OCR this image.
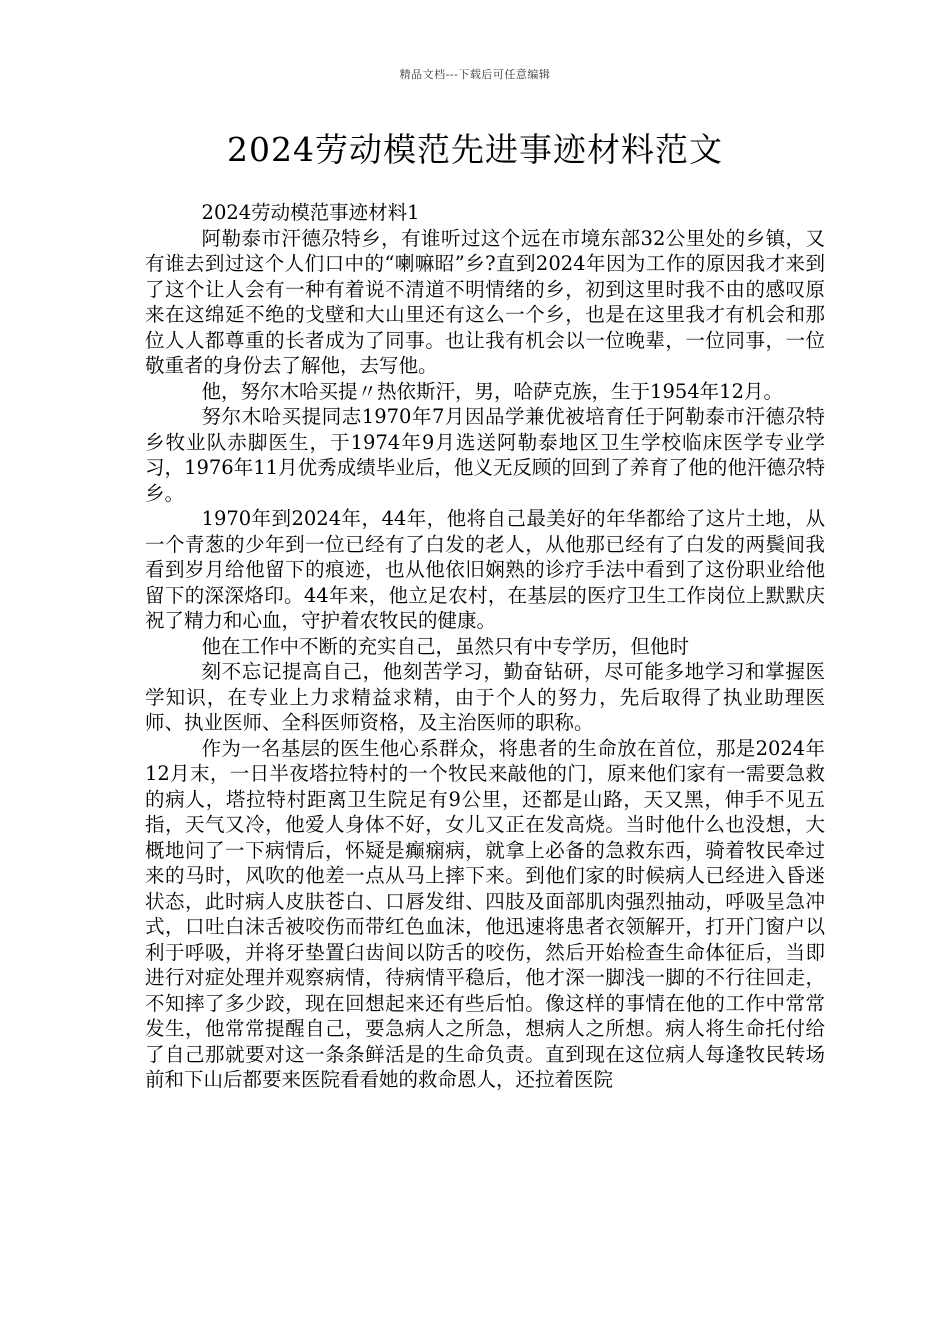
精品文档---下载后可任意编辑
2024劳动模范先进事迹材料范文

2024劳动模范事迹材料1

阿勒泰市汗德尕特乡，有谁听过这个远在市境东部32公里处的乡镇，又有谁去到过这个人们口中的“喇嘛昭”乡?直到2024年因为工作的原因我才来到了这个让人会有一种有着说不清道不明情绪的乡，初到这里时我不由的感叹原来在这绵延不绝的戈壁和大山里还有这么一个乡，也是在这里我才有机会和那位人人都尊重的长者成为了同事。也让我有机会以一位晚辈，一位同事，一位敬重者的身份去了解他，去写他。

他，努尔木哈买提〃热依斯汗，男，哈萨克族，生于1954年12月。

努尔木哈买提同志1970年7月因品学兼优被培育任于阿勒泰市汗德尕特乡牧业队赤脚医生，于1974年9月选送阿勒泰地区卫生学校临床医学专业学习，1976年11月优秀成绩毕业后，他义无反顾的回到了养育了他的他汗德尕特乡。

1970年到2024年，44年，他将自己最美好的年华都给了这片土地，从一个青葱的少年到一位已经有了白发的老人，从他那已经有了白发的两鬓间我看到岁月给他留下的痕迹，也从他依旧娴熟的诊疗手法中看到了这份职业给他留下的深深烙印。44年来，他立足农村，在基层的医疗卫生工作岗位上默默庆祝了精力和心血，守护着农牧民的健康。

他在工作中不断的充实自己，虽然只有中专学历，但他时

刻不忘记提高自己，他刻苦学习，勤奋钻研，尽可能多地学习和掌握医学知识，在专业上力求精益求精，由于个人的努力，先后取得了执业助理医师、执业医师、全科医师资格，及主治医师的职称。

作为一名基层的医生他心系群众，将患者的生命放在首位，那是2024年12月末，一日半夜塔拉特村的一个牧民来敲他的门，原来他们家有一需要急救的病人，塔拉特村距离卫生院足有9公里，还都是山路，天又黑，伸手不见五指，天气又冷，他爱人身体不好，女儿又正在发高烧。当时他什么也没想，大概地问了一下病情后，怀疑是癫痫病，就拿上必备的急救东西，骑着牧民牵过来的马时，风吹的他差一点从马上摔下来。到他们家的时候病人已经进入昏迷状态，此时病人皮肤苍白、口唇发绀、四肢及面部肌肉强烈抽动，呼吸呈急冲式，口吐白沫舌被咬伤而带红色血沫，他迅速将患者衣领解开，打开门窗户以利于呼吸，并将牙垫置臼齿间以防舌的咬伤，然后开始检查生命体征后，当即进行对症处理并观察病情，待病情平稳后，他才深一脚浅一脚的不行往回走，不知摔了多少跤，现在回想起来还有些后怕。像这样的事情在他的工作中常常发生，他常常提醒自己，要急病人之所急，想病人之所想。病人将生命托付给了自己那就要对这一条条鲜活是的生命负责。直到现在这位病人每逢牧民转场前和下山后都要来医院看看她的救命恩人，还拉着医院
